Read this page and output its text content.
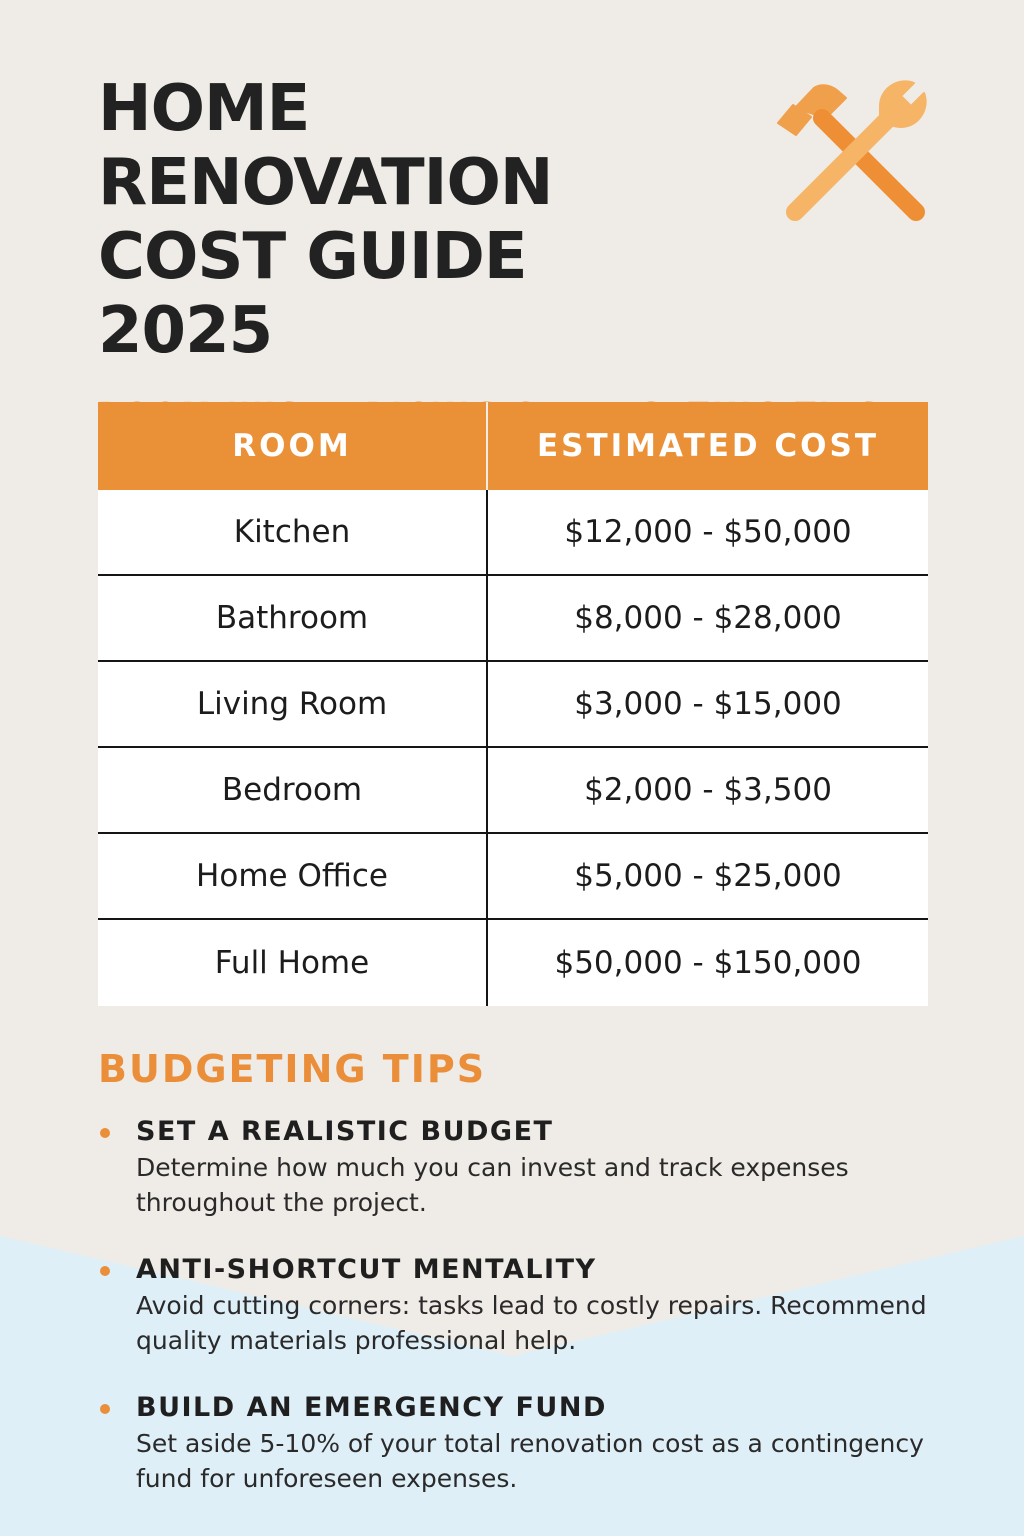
HOME RENOVATION COST GUIDE 2025
ROOM	ESTIMATED COST
Kitchen	$12,000 - $50,000
Bathroom	$8,000 - $28,000
Living Room	$3,000 - $15,000
Bedroom	$2,000 - $3,500
Home Office	$5,000 - $25,000
Full Home	$50,000 - $150,000
BUDGETING TIPS
SET A REALISTIC BUDGET
Determine how much you can invest and track expenses throughout the project.
ANTI-SHORTCUT MENTALITY
Avoid cutting corners: tasks lead to costly repairs. Recommend quality materials professional help.
BUILD AN EMERGENCY FUND
Set aside 5-10% of your total renovation cost as a contingency fund for unforeseen expenses.
